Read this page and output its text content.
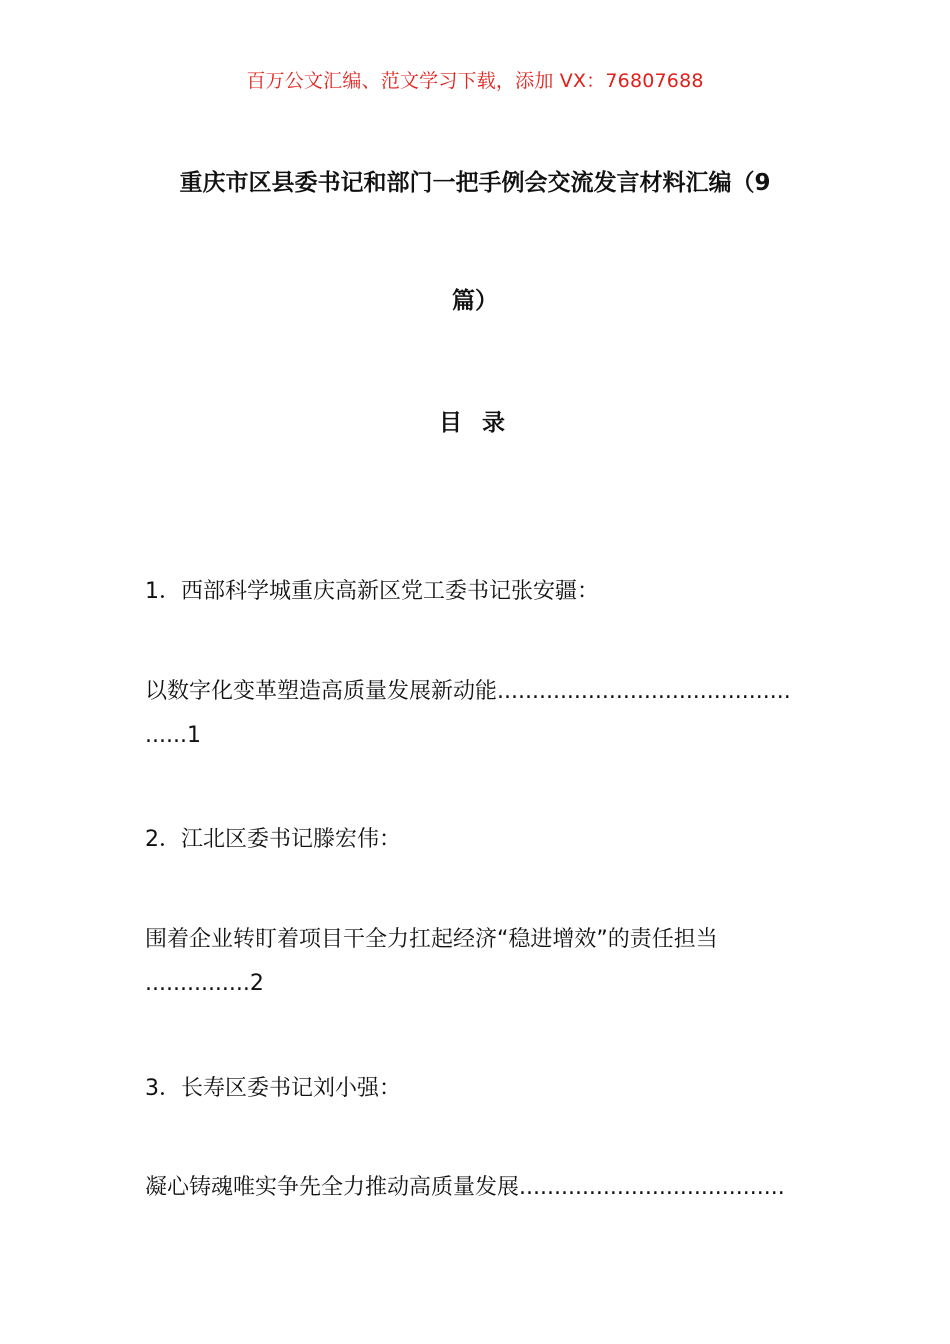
百万公文汇编、范文学习下载，添加 VX：76807688
重庆市区县委书记和部门一把手例会交流发言材料汇编（9
篇）
目 录
1．西部科学城重庆高新区党工委书记张安疆：
以数字化变革塑造高质量发展新动能..........................................
......1
2．江北区委书记滕宏伟：
围着企业转盯着项目干全力扛起经济“稳进增效”的责任担当
...............2
3．长寿区委书记刘小强：
凝心铸魂唯实争先全力推动高质量发展......................................
